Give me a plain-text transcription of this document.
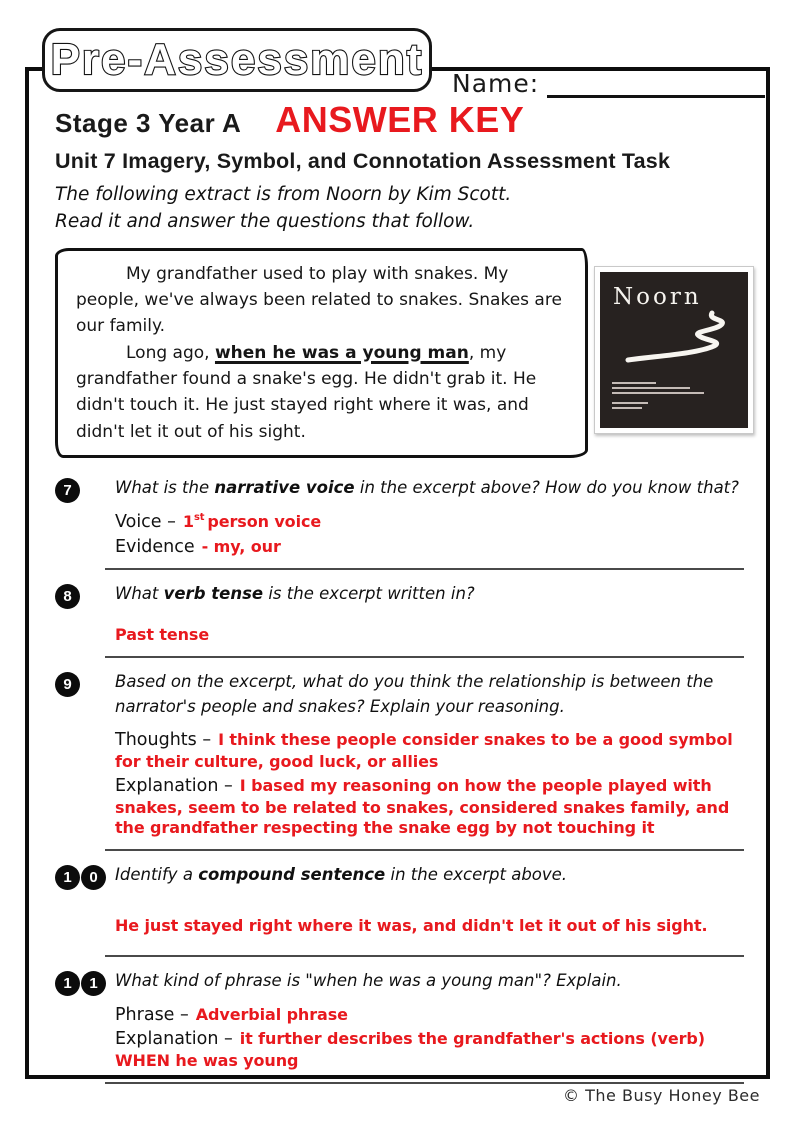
Pre-Assessment Name:
Stage 3 Year A ANSWER KEY
Unit 7 Imagery, Symbol, and Connotation Assessment Task
The following extract is from Noorn by Kim Scott.
Read it and answer the questions that follow.

My grandfather used to play with snakes. My people, we've always been related to snakes. Snakes are our family.

Long ago, when he was a young man, my grandfather found a snake's egg. He didn't grab it. He didn't touch it. He just stayed right where it was, and didn't let it out of his sight.

Noorn
7	What is the narrative voice in the excerpt above? How do you know that?
Voice – 1st person voice
Evidence - my, our
8	What verb tense is the excerpt written in?
Past tense
9	Based on the excerpt, what do you think the relationship is between the narrator's people and snakes? Explain your reasoning.
Thoughts – I think these people consider snakes to be a good symbol for their culture, good luck, or allies
Explanation – I based my reasoning on how the people played with snakes, seem to be related to snakes, considered snakes family, and the grandfather respecting the snake egg by not touching it
1	0	Identify a compound sentence in the excerpt above.
He just stayed right where it was, and didn't let it out of his sight.
1	1	What kind of phrase is "when he was a young man"? Explain.
Phrase – Adverbial phrase
Explanation – it further describes the grandfather's actions (verb) WHEN he was young
© The Busy Honey Bee
